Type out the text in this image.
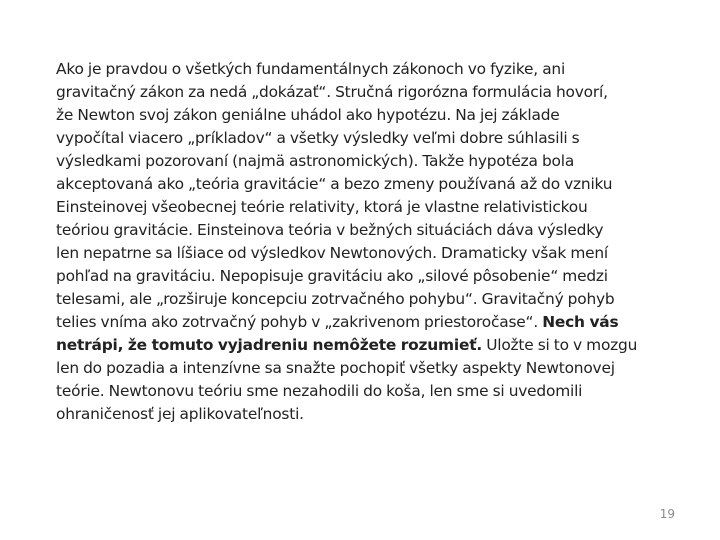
Ako je pravdou o všetkých fundamentálnych zákonoch vo fyzike, ani
gravitačný zákon za nedá „dokázať“. Stručná rigorózna formulácia hovorí,
že Newton svoj zákon geniálne uhádol ako hypotézu. Na jej základe
vypočítal viacero „príkladov“ a všetky výsledky veľmi dobre súhlasili s
výsledkami pozorovaní (najmä astronomických). Takže hypotéza bola
akceptovaná ako „teória gravitácie“ a bezo zmeny používaná až do vzniku
Einsteinovej všeobecnej teórie relativity, ktorá je vlastne relativistickou
teóriou gravitácie. Einsteinova teória v bežných situáciách dáva výsledky
len nepatrne sa líšiace od výsledkov Newtonových. Dramaticky však mení
pohľad na gravitáciu. Nepopisuje gravitáciu ako „silové pôsobenie“ medzi
telesami, ale „rozširuje koncepciu zotrvačného pohybu“. Gravitačný pohyb
telies vníma ako zotrvačný pohyb v „zakrivenom priestoročase“. Nech vás
netrápi, že tomuto vyjadreniu nemôžete rozumieť. Uložte si to v mozgu
len do pozadia a intenzívne sa snažte pochopiť všetky aspekty Newtonovej
teórie. Newtonovu teóriu sme nezahodili do koša, len sme si uvedomili
ohraničenosť jej aplikovateľnosti.
19
